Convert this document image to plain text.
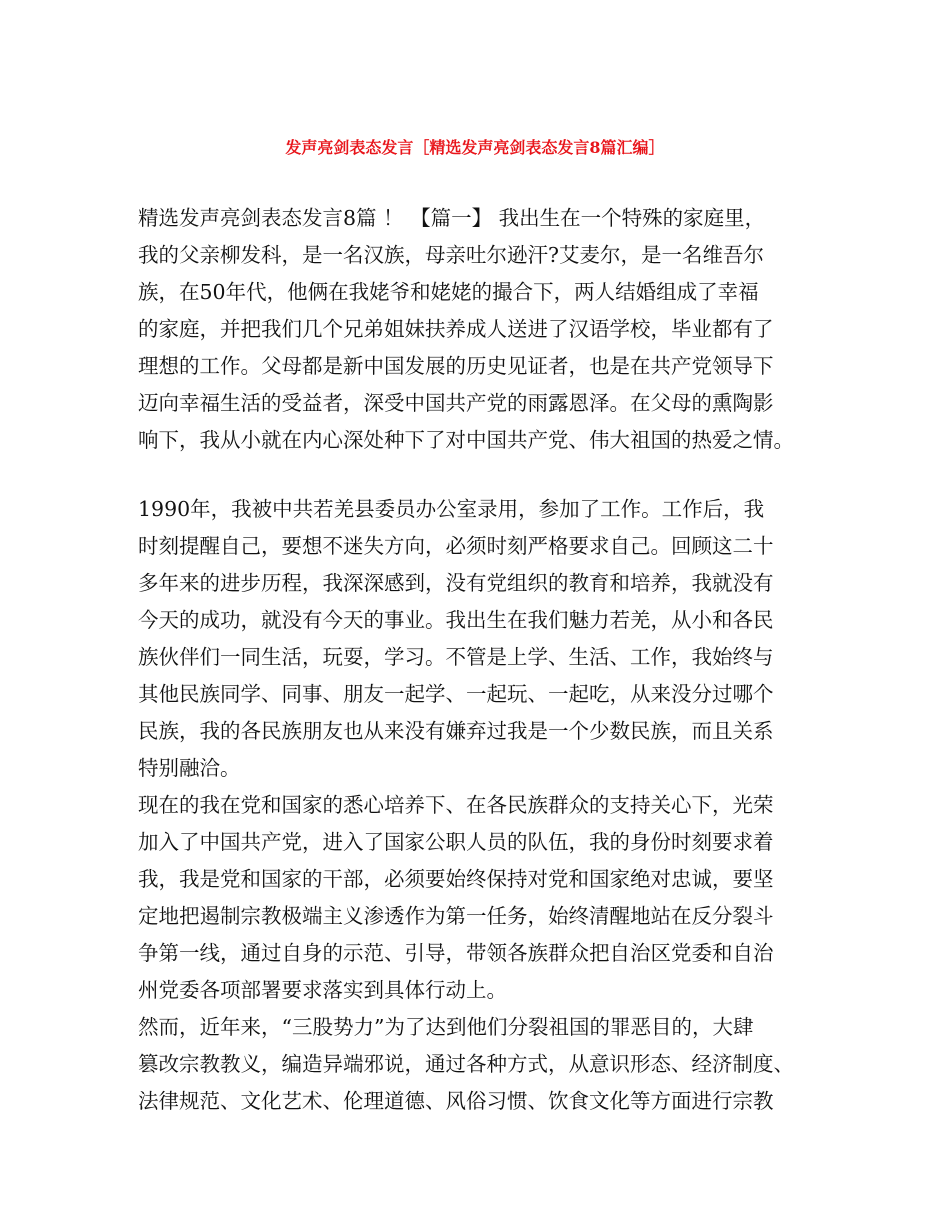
发声亮剑表态发言［精选发声亮剑表态发言8篇汇编］
精选发声亮剑表态发言8篇 ！ 【篇一】 我出生在一个特殊的家庭里，
我的父亲柳发科，是一名汉族，母亲吐尔逊汗?艾麦尔，是一名维吾尔
族，在50年代，他俩在我姥爷和姥姥的撮合下，两人结婚组成了幸福
的家庭，并把我们几个兄弟姐妹扶养成人送进了汉语学校，毕业都有了
理想的工作。父母都是新中国发展的历史见证者，也是在共产党领导下
迈向幸福生活的受益者，深受中国共产党的雨露恩泽。在父母的熏陶影
响下，我从小就在内心深处种下了对中国共产党、伟大祖国的热爱之情。
1990年，我被中共若羌县委员办公室录用，参加了工作。工作后，我
时刻提醒自己，要想不迷失方向，必须时刻严格要求自己。回顾这二十
多年来的进步历程，我深深感到，没有党组织的教育和培养，我就没有
今天的成功，就没有今天的事业。我出生在我们魅力若羌，从小和各民
族伙伴们一同生活，玩耍，学习。不管是上学、生活、工作，我始终与
其他民族同学、同事、朋友一起学、一起玩、一起吃，从来没分过哪个
民族，我的各民族朋友也从来没有嫌弃过我是一个少数民族，而且关系
特别融洽。
现在的我在党和国家的悉心培养下、在各民族群众的支持关心下，光荣
加入了中国共产党，进入了国家公职人员的队伍，我的身份时刻要求着
我，我是党和国家的干部，必须要始终保持对党和国家绝对忠诚，要坚
定地把遏制宗教极端主义渗透作为第一任务，始终清醒地站在反分裂斗
争第一线，通过自身的示范、引导，带领各族群众把自治区党委和自治
州党委各项部署要求落实到具体行动上。
然而，近年来，“三股势力”为了达到他们分裂祖国的罪恶目的，大肆
篡改宗教教义，编造异端邪说，通过各种方式，从意识形态、经济制度、
法律规范、文化艺术、伦理道德、风俗习惯、饮食文化等方面进行宗教
